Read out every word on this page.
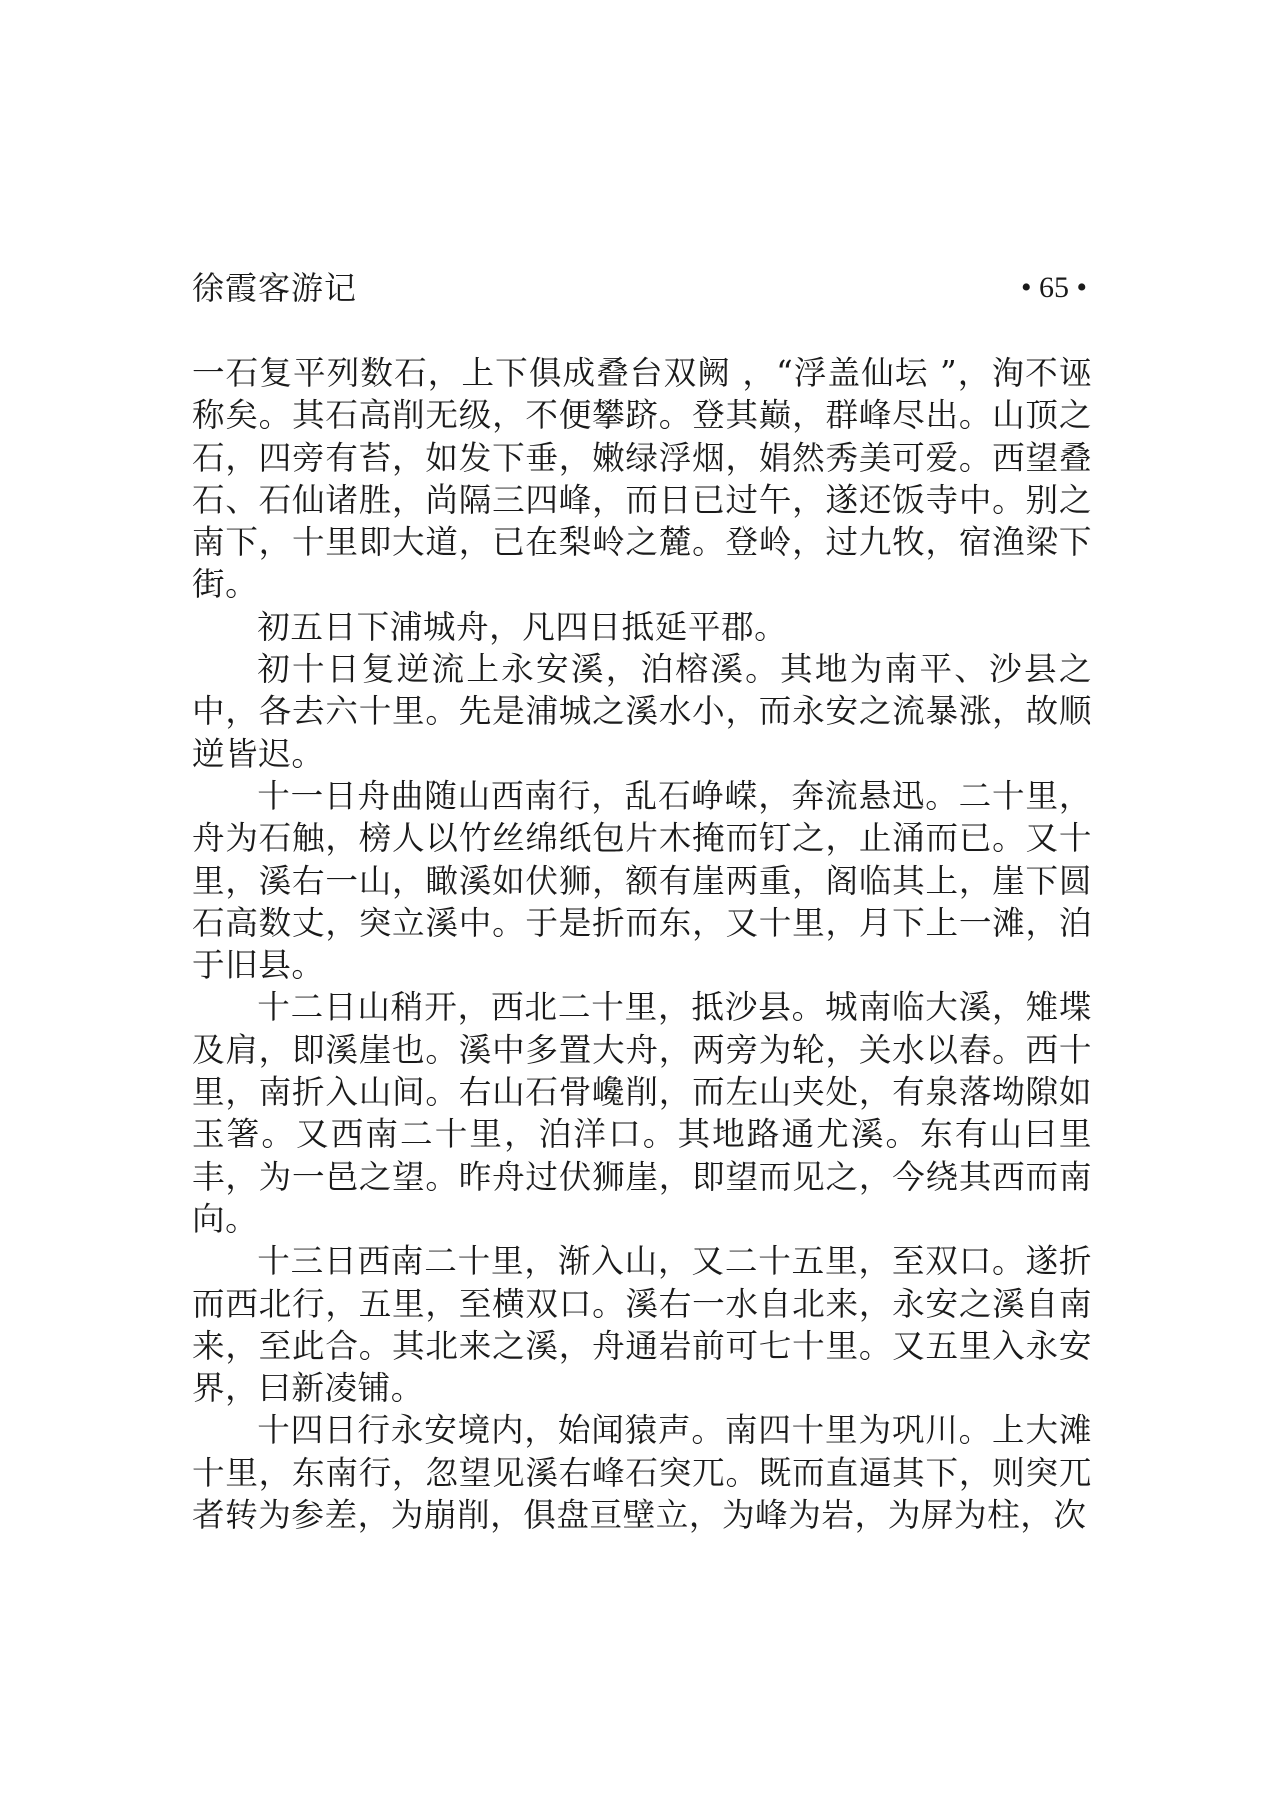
徐霞客游记	• 65 •

一石复平列数石，上下俱成叠台双阙 ，“浮盖仙坛 ”，洵不诬称矣。其石高削无级，不便攀跻。登其巅，群峰尽出。山顶之石，四旁有苔，如发下垂，嫩绿浮烟，娟然秀美可爱。西望叠石、石仙诸胜，尚隔三四峰，而日已过午，遂还饭寺中。别之南下，十里即大道，已在梨岭之麓。登岭，过九牧，宿渔梁下街。

初五日下浦城舟，凡四日抵延平郡。

初十日复逆流上永安溪，泊榕溪。其地为南平、沙县之中，各去六十里。先是浦城之溪水小，而永安之流暴涨，故顺逆皆迟。

十一日舟曲随山西南行，乱石峥嵘，奔流悬迅。二十里，舟为石触，榜人以竹丝绵纸包片木掩而钉之，止涌而已。又十里，溪右一山，瞰溪如伏狮，额有崖两重，阁临其上，崖下圆石高数丈，突立溪中。于是折而东，又十里，月下上一滩，泊于旧县。

十二日山稍开，西北二十里，抵沙县。城南临大溪，雉堞及肩，即溪崖也。溪中多置大舟，两旁为轮，关水以舂。西十里，南折入山间。右山石骨巉削，而左山夹处，有泉落坳隙如玉箸。又西南二十里，泊洋口。其地路通尤溪。东有山曰里丰，为一邑之望。昨舟过伏狮崖，即望而见之，今绕其西而南向。

十三日西南二十里，渐入山，又二十五里，至双口。遂折而西北行，五里，至横双口。溪右一水自北来，永安之溪自南来，至此合。其北来之溪，舟通岩前可七十里。又五里入永安界，曰新凌铺。

十四日行永安境内，始闻猿声。南四十里为巩川。上大滩十里，东南行，忽望见溪右峰石突兀。既而直逼其下，则突兀者转为参差，为崩削，俱盘亘壁立，为峰为岩，为屏为柱，次
